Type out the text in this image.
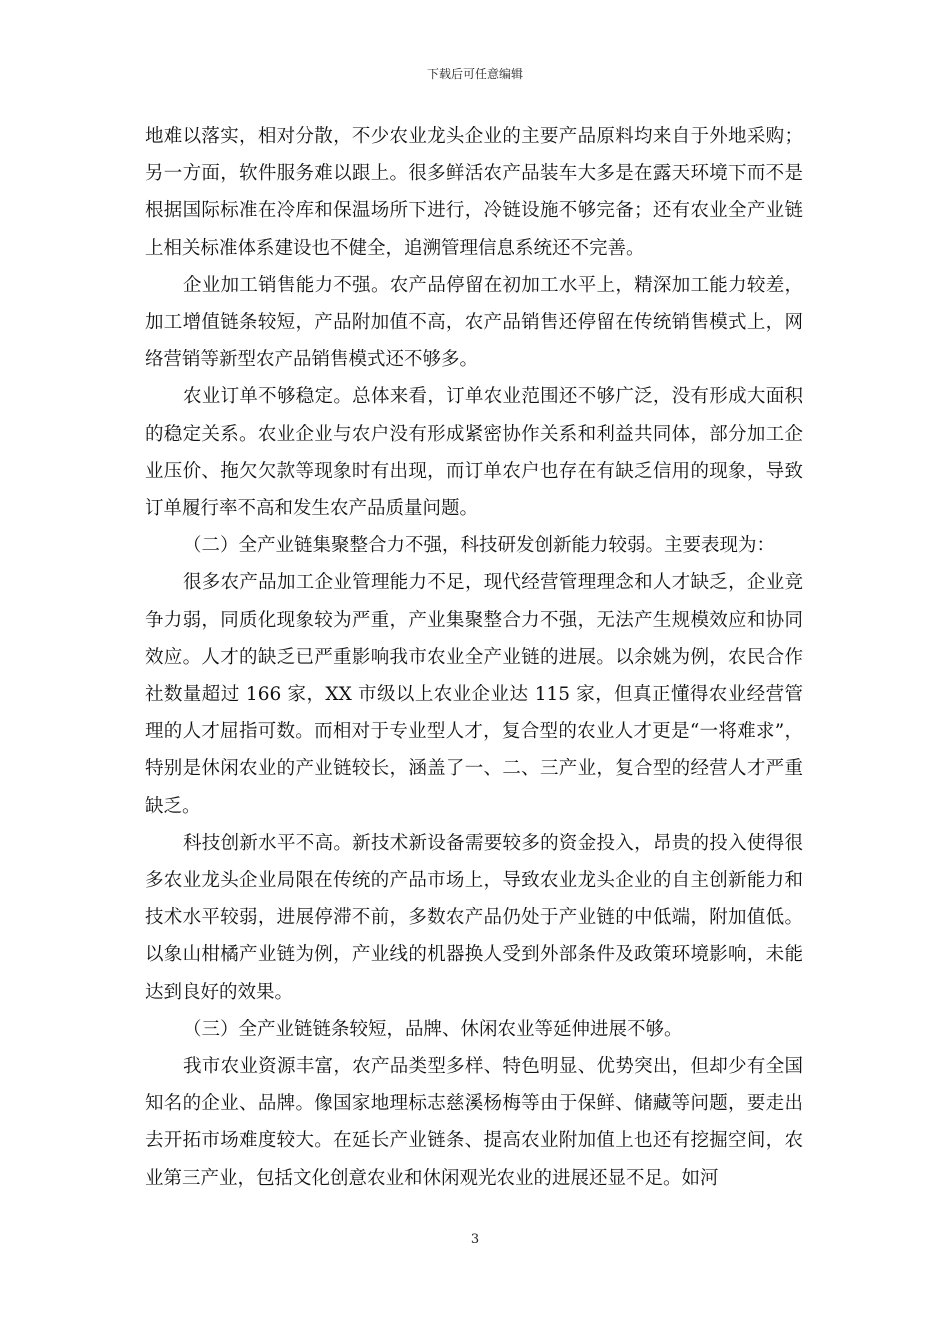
下载后可任意编辑

地难以落实，相对分散，不少农业龙头企业的主要产品原料均来自于外地采购；另一方面，软件服务难以跟上。很多鲜活农产品装车大多是在露天环境下而不是根据国际标准在冷库和保温场所下进行，冷链设施不够完备；还有农业全产业链上相关标准体系建设也不健全，追溯管理信息系统还不完善。

企业加工销售能力不强。农产品停留在初加工水平上，精深加工能力较差，加工增值链条较短，产品附加值不高，农产品销售还停留在传统销售模式上，网络营销等新型农产品销售模式还不够多。

农业订单不够稳定。总体来看，订单农业范围还不够广泛，没有形成大面积的稳定关系。农业企业与农户没有形成紧密协作关系和利益共同体，部分加工企业压价、拖欠欠款等现象时有出现，而订单农户也存在有缺乏信用的现象，导致订单履行率不高和发生农产品质量问题。

（二）全产业链集聚整合力不强，科技研发创新能力较弱。主要表现为：

很多农产品加工企业管理能力不足，现代经营管理理念和人才缺乏，企业竞争力弱，同质化现象较为严重，产业集聚整合力不强，无法产生规模效应和协同效应。人才的缺乏已严重影响我市农业全产业链的进展。以余姚为例，农民合作社数量超过 166 家，XX 市级以上农业企业达 115 家，但真正懂得农业经营管理的人才屈指可数。而相对于专业型人才，复合型的农业人才更是“一将难求”，特别是休闲农业的产业链较长，涵盖了一、二、三产业，复合型的经营人才严重缺乏。

科技创新水平不高。新技术新设备需要较多的资金投入，昂贵的投入使得很多农业龙头企业局限在传统的产品市场上，导致农业龙头企业的自主创新能力和技术水平较弱，进展停滞不前，多数农产品仍处于产业链的中低端，附加值低。以象山柑橘产业链为例，产业线的机器换人受到外部条件及政策环境影响，未能达到良好的效果。

（三）全产业链链条较短，品牌、休闲农业等延伸进展不够。

我市农业资源丰富，农产品类型多样、特色明显、优势突出，但却少有全国知名的企业、品牌。像国家地理标志慈溪杨梅等由于保鲜、储藏等问题，要走出去开拓市场难度较大。在延长产业链条、提高农业附加值上也还有挖掘空间，农业第三产业，包括文化创意农业和休闲观光农业的进展还显不足。如河

3
